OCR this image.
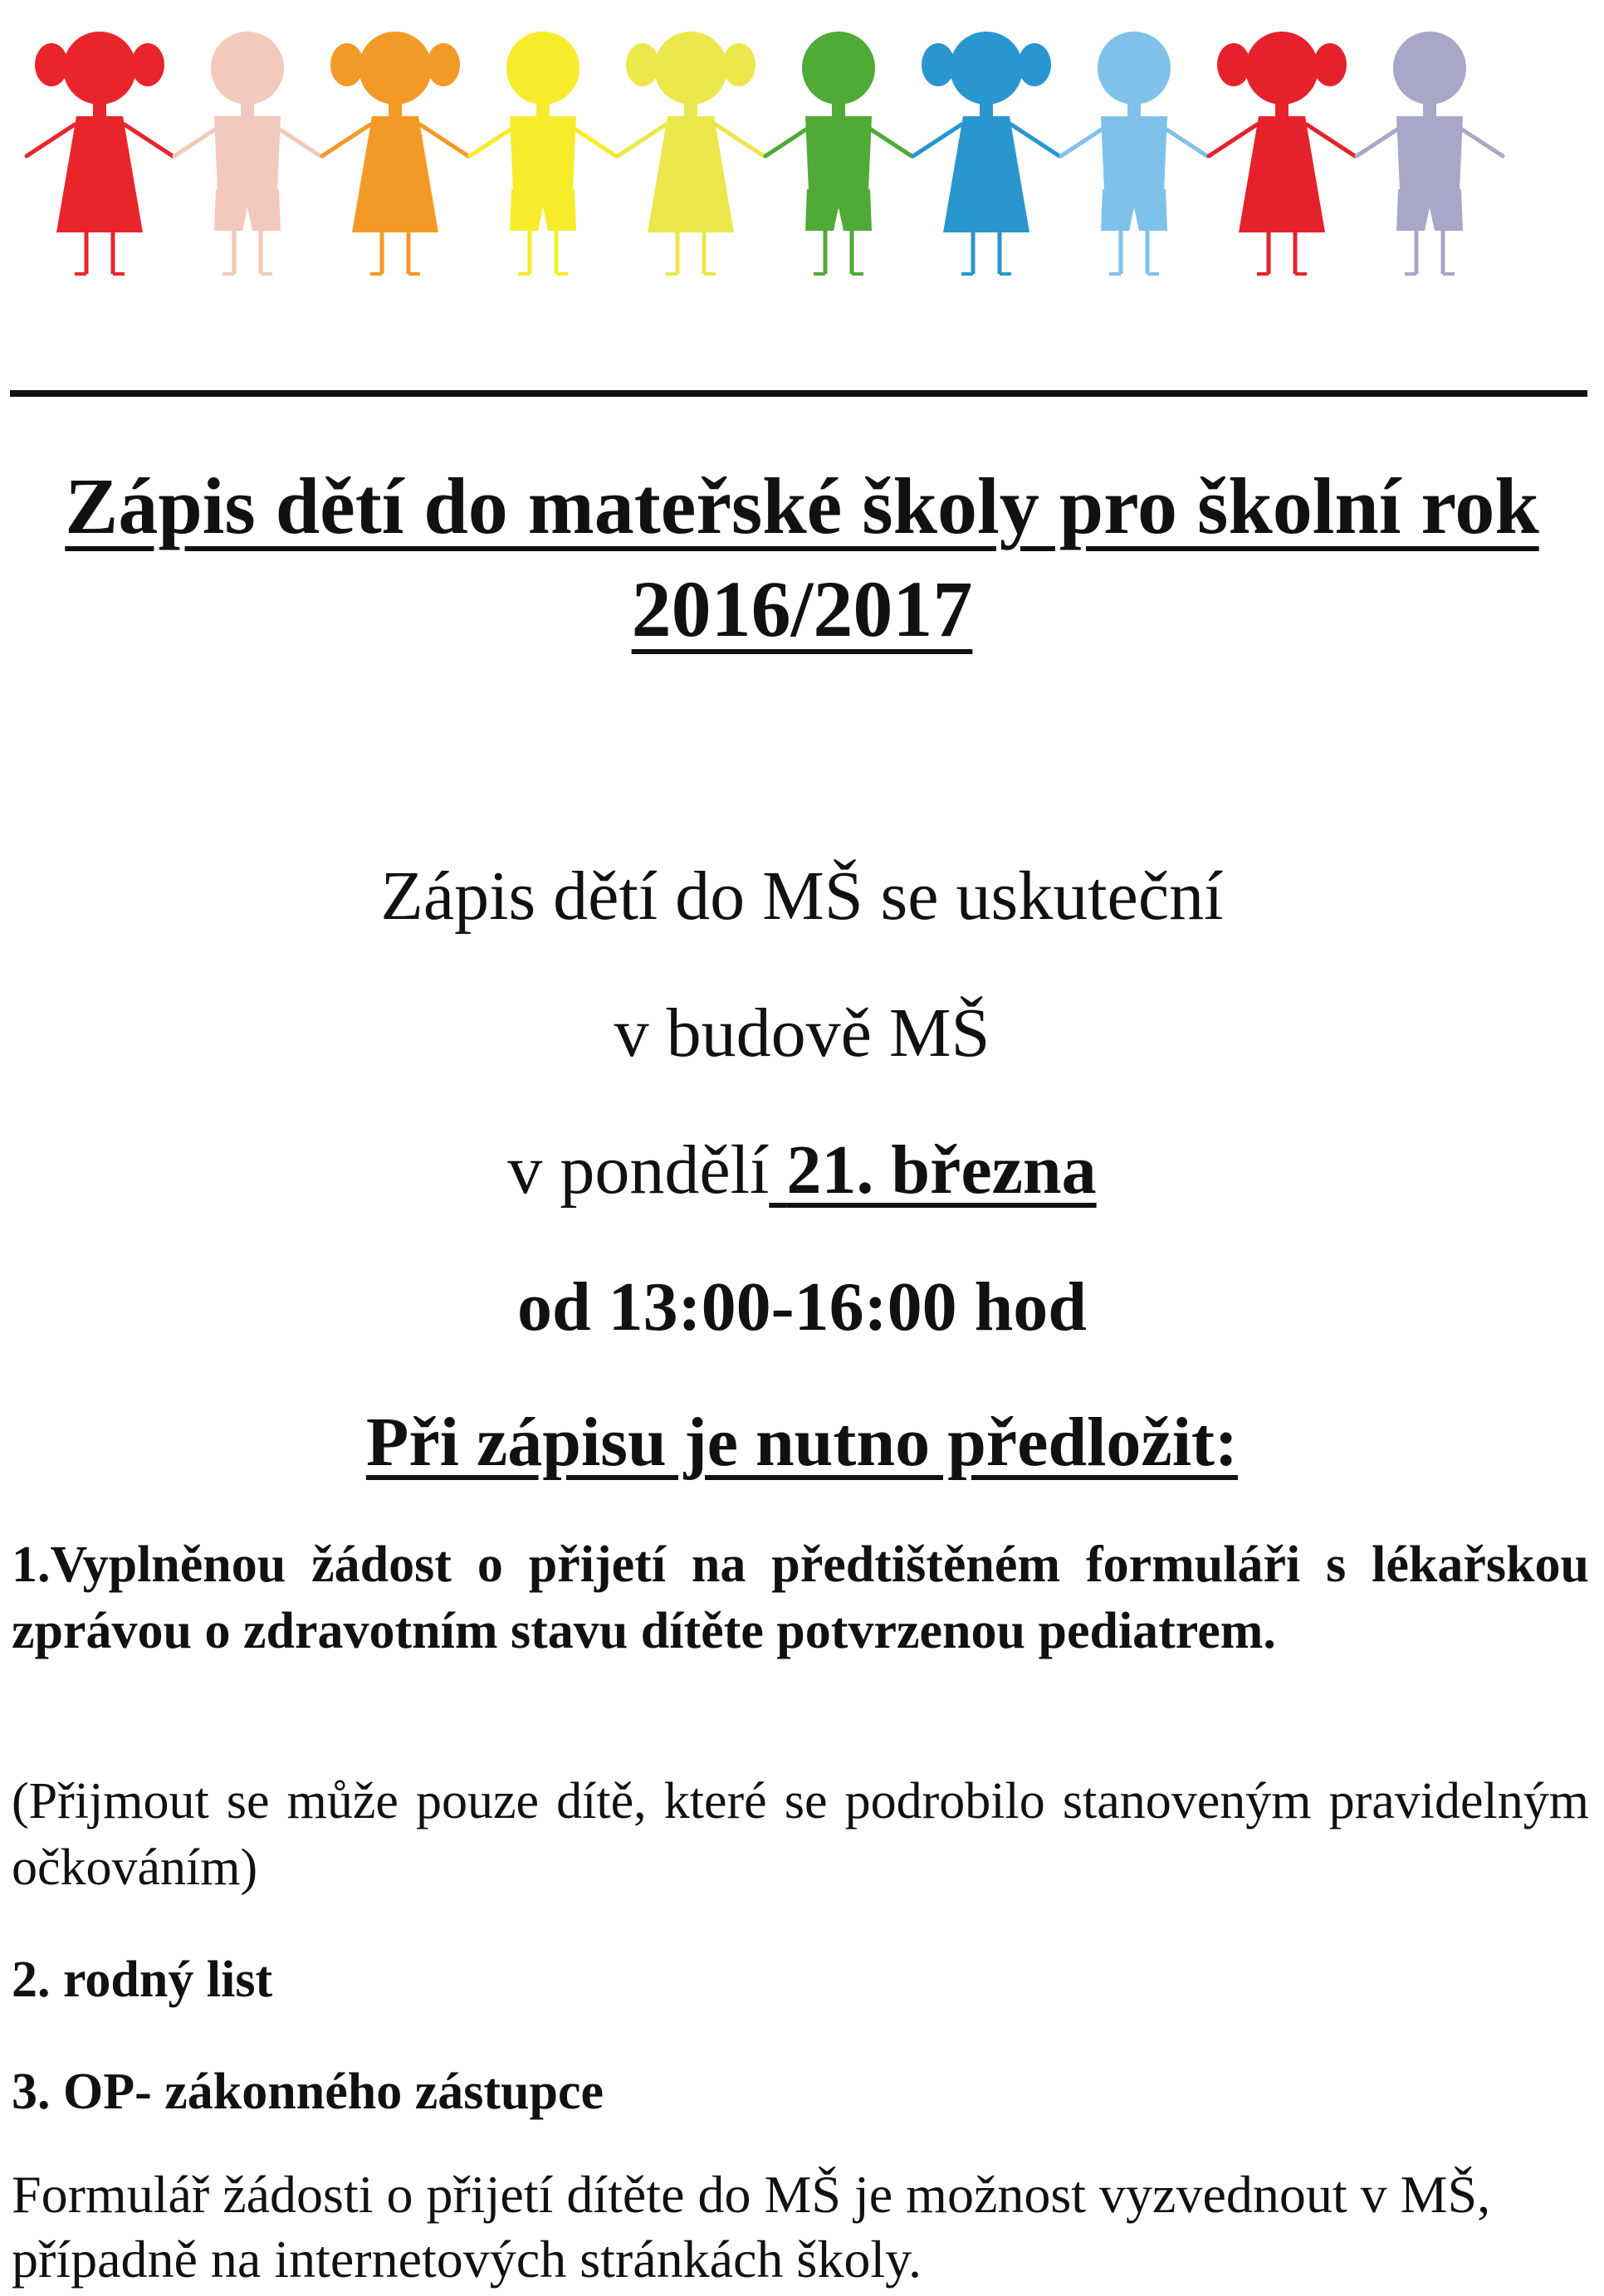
Zápis dětí do mateřské školy pro školní rok 2016/2017
Zápis dětí do MŠ se uskuteční
v budově MŠ
v pondělí 21. března
od 13:00-16:00 hod
Při zápisu je nutno předložit:
1.Vyplněnou žádost o přijetí na předtištěném formuláři s lékařskou zprávou o zdravotním stavu dítěte potvrzenou pediatrem.
(Přijmout se může pouze dítě, které se podrobilo stanoveným pravidelným očkováním)
2. rodný list
3. OP- zákonného zástupce
Formulář žádosti o přijetí dítěte do MŠ je možnost vyzvednout v MŠ, případně na internetových stránkách školy.
